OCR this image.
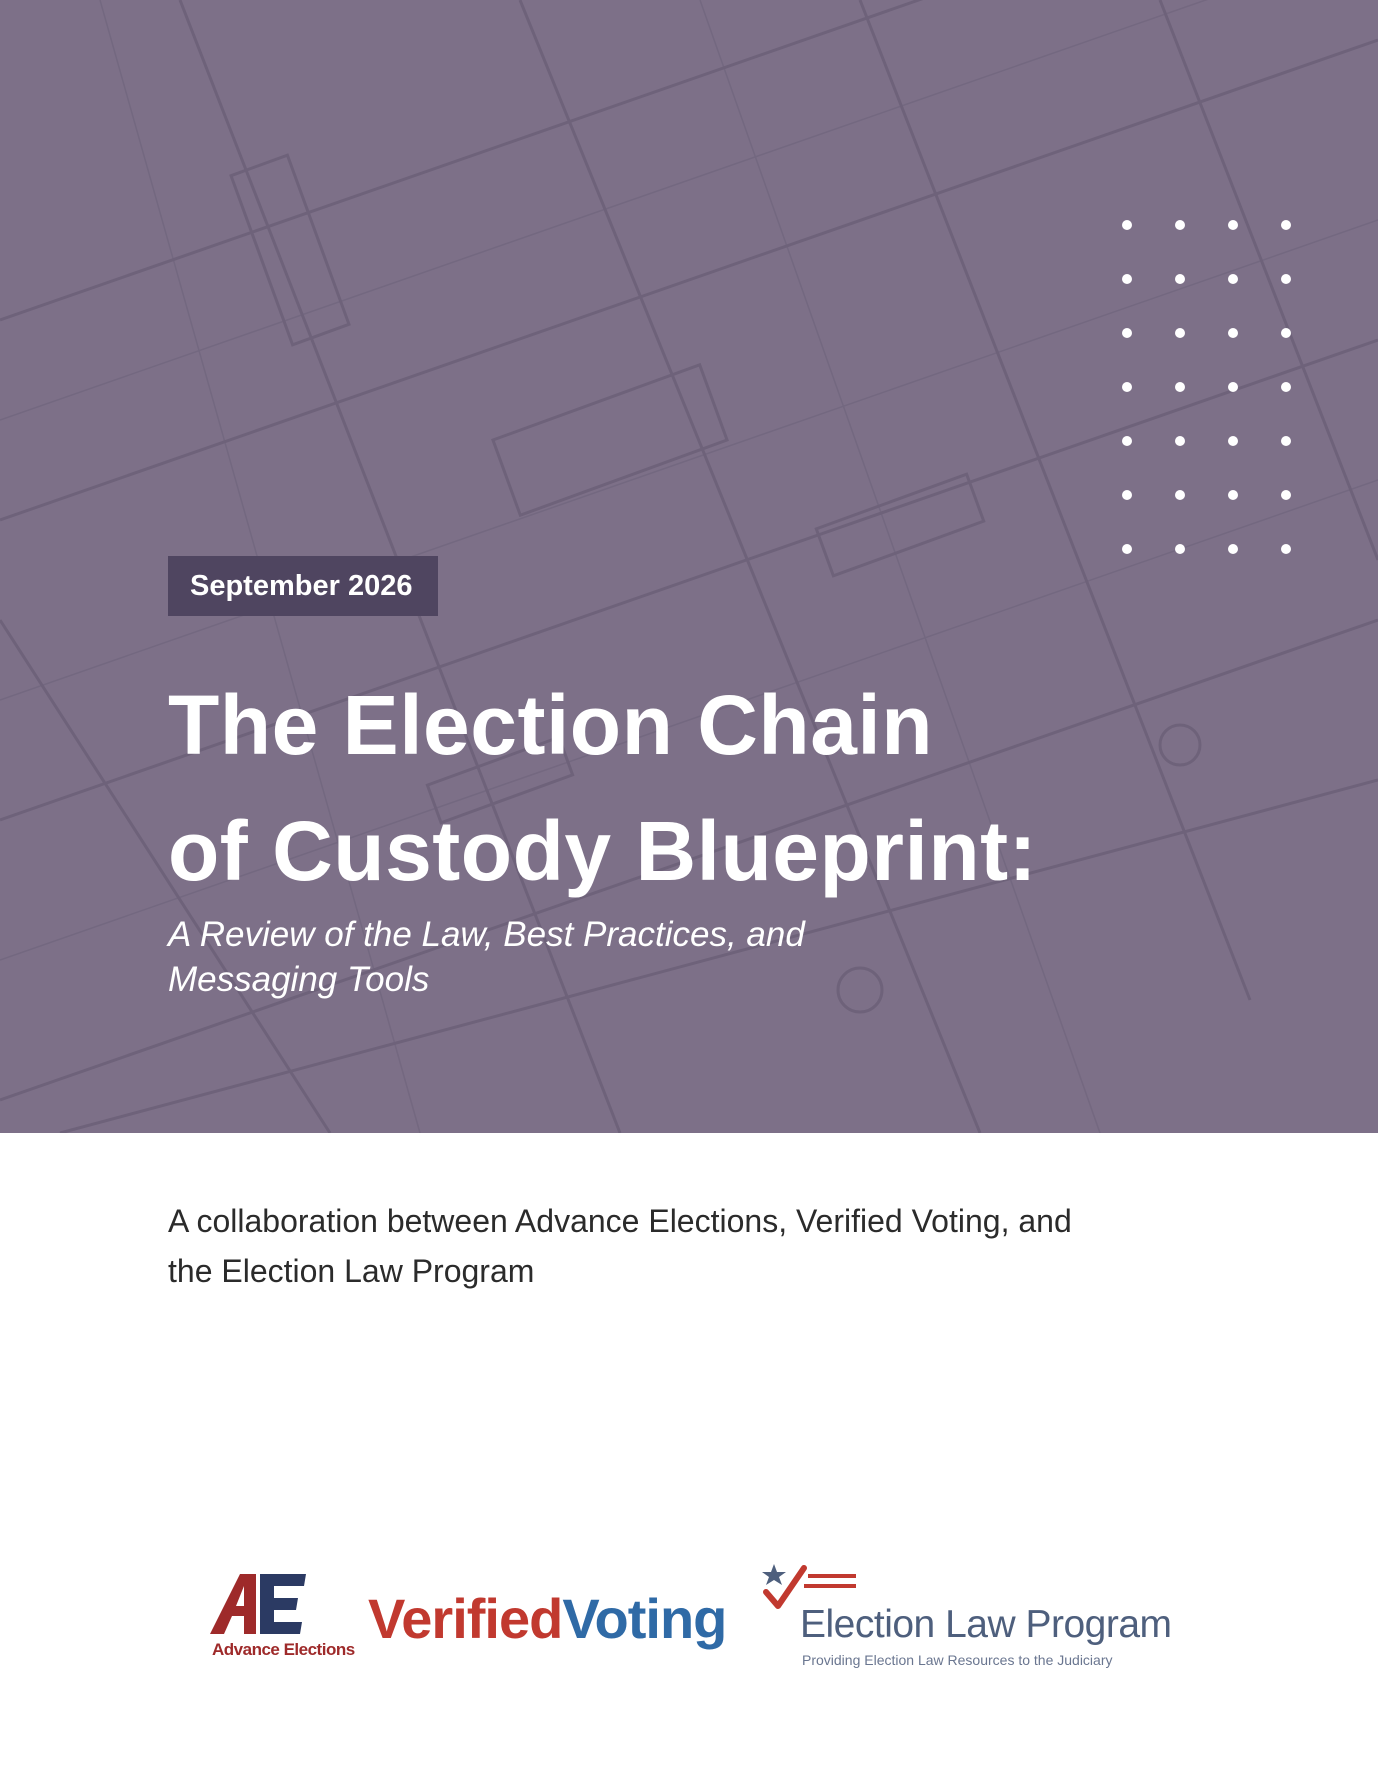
September 2026
The Election Chain
of Custody Blueprint:

A Review of the Law, Best Practices, and
Messaging Tools

A collaboration between Advance Elections, Verified Voting, and
the Election Law Program

Advance Elections VerifiedVoting Election Law Program
Providing Election Law Resources to the Judiciary
